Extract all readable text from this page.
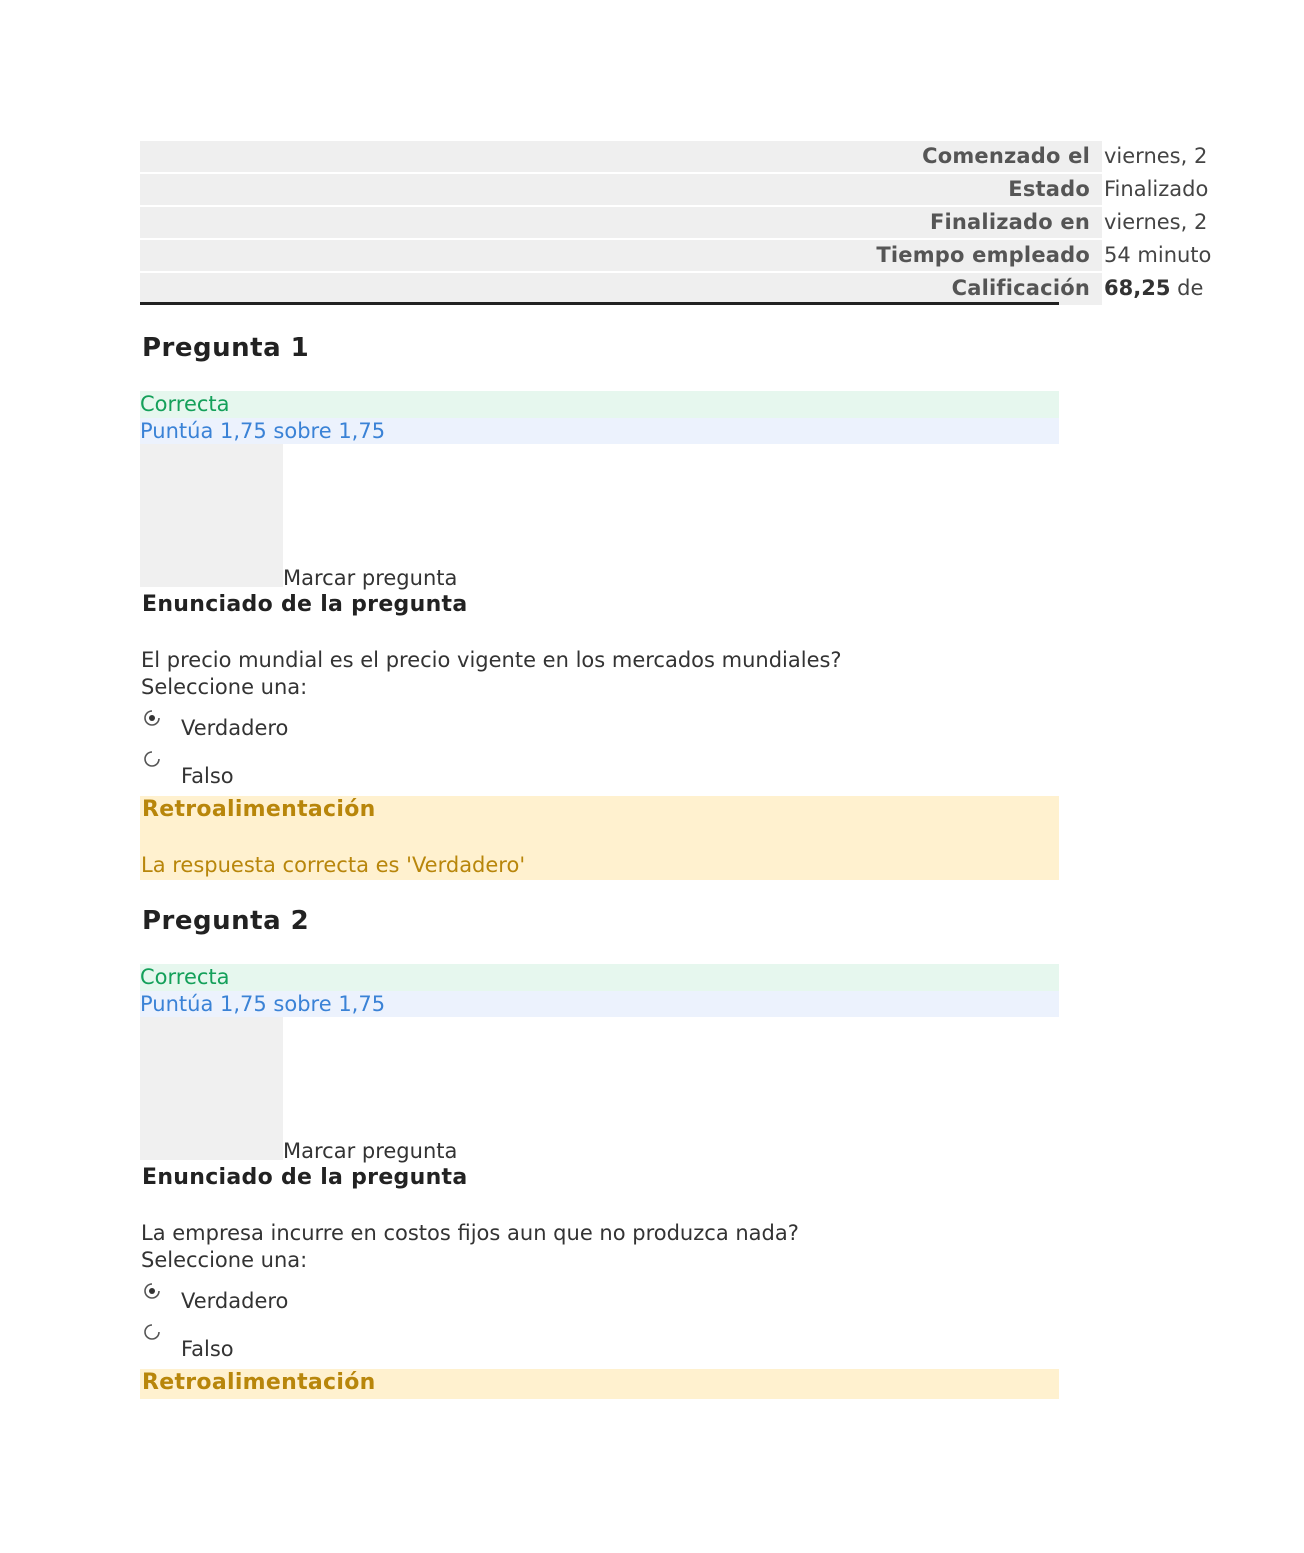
Comenzado el viernes, 2
Estado Finalizado
Finalizado en viernes, 2
Tiempo empleado 54 minuto
Calificación 68,25 de
Pregunta 1
Correcta
Puntúa 1,75 sobre 1,75
Marcar pregunta
Enunciado de la pregunta
El precio mundial es el precio vigente en los mercados mundiales?
Seleccione una:
Verdadero
Falso
Retroalimentación
La respuesta correcta es 'Verdadero'
Pregunta 2
Correcta
Puntúa 1,75 sobre 1,75
Marcar pregunta
Enunciado de la pregunta
La empresa incurre en costos fijos aun que no produzca nada?
Seleccione una:
Verdadero
Falso
Retroalimentación
